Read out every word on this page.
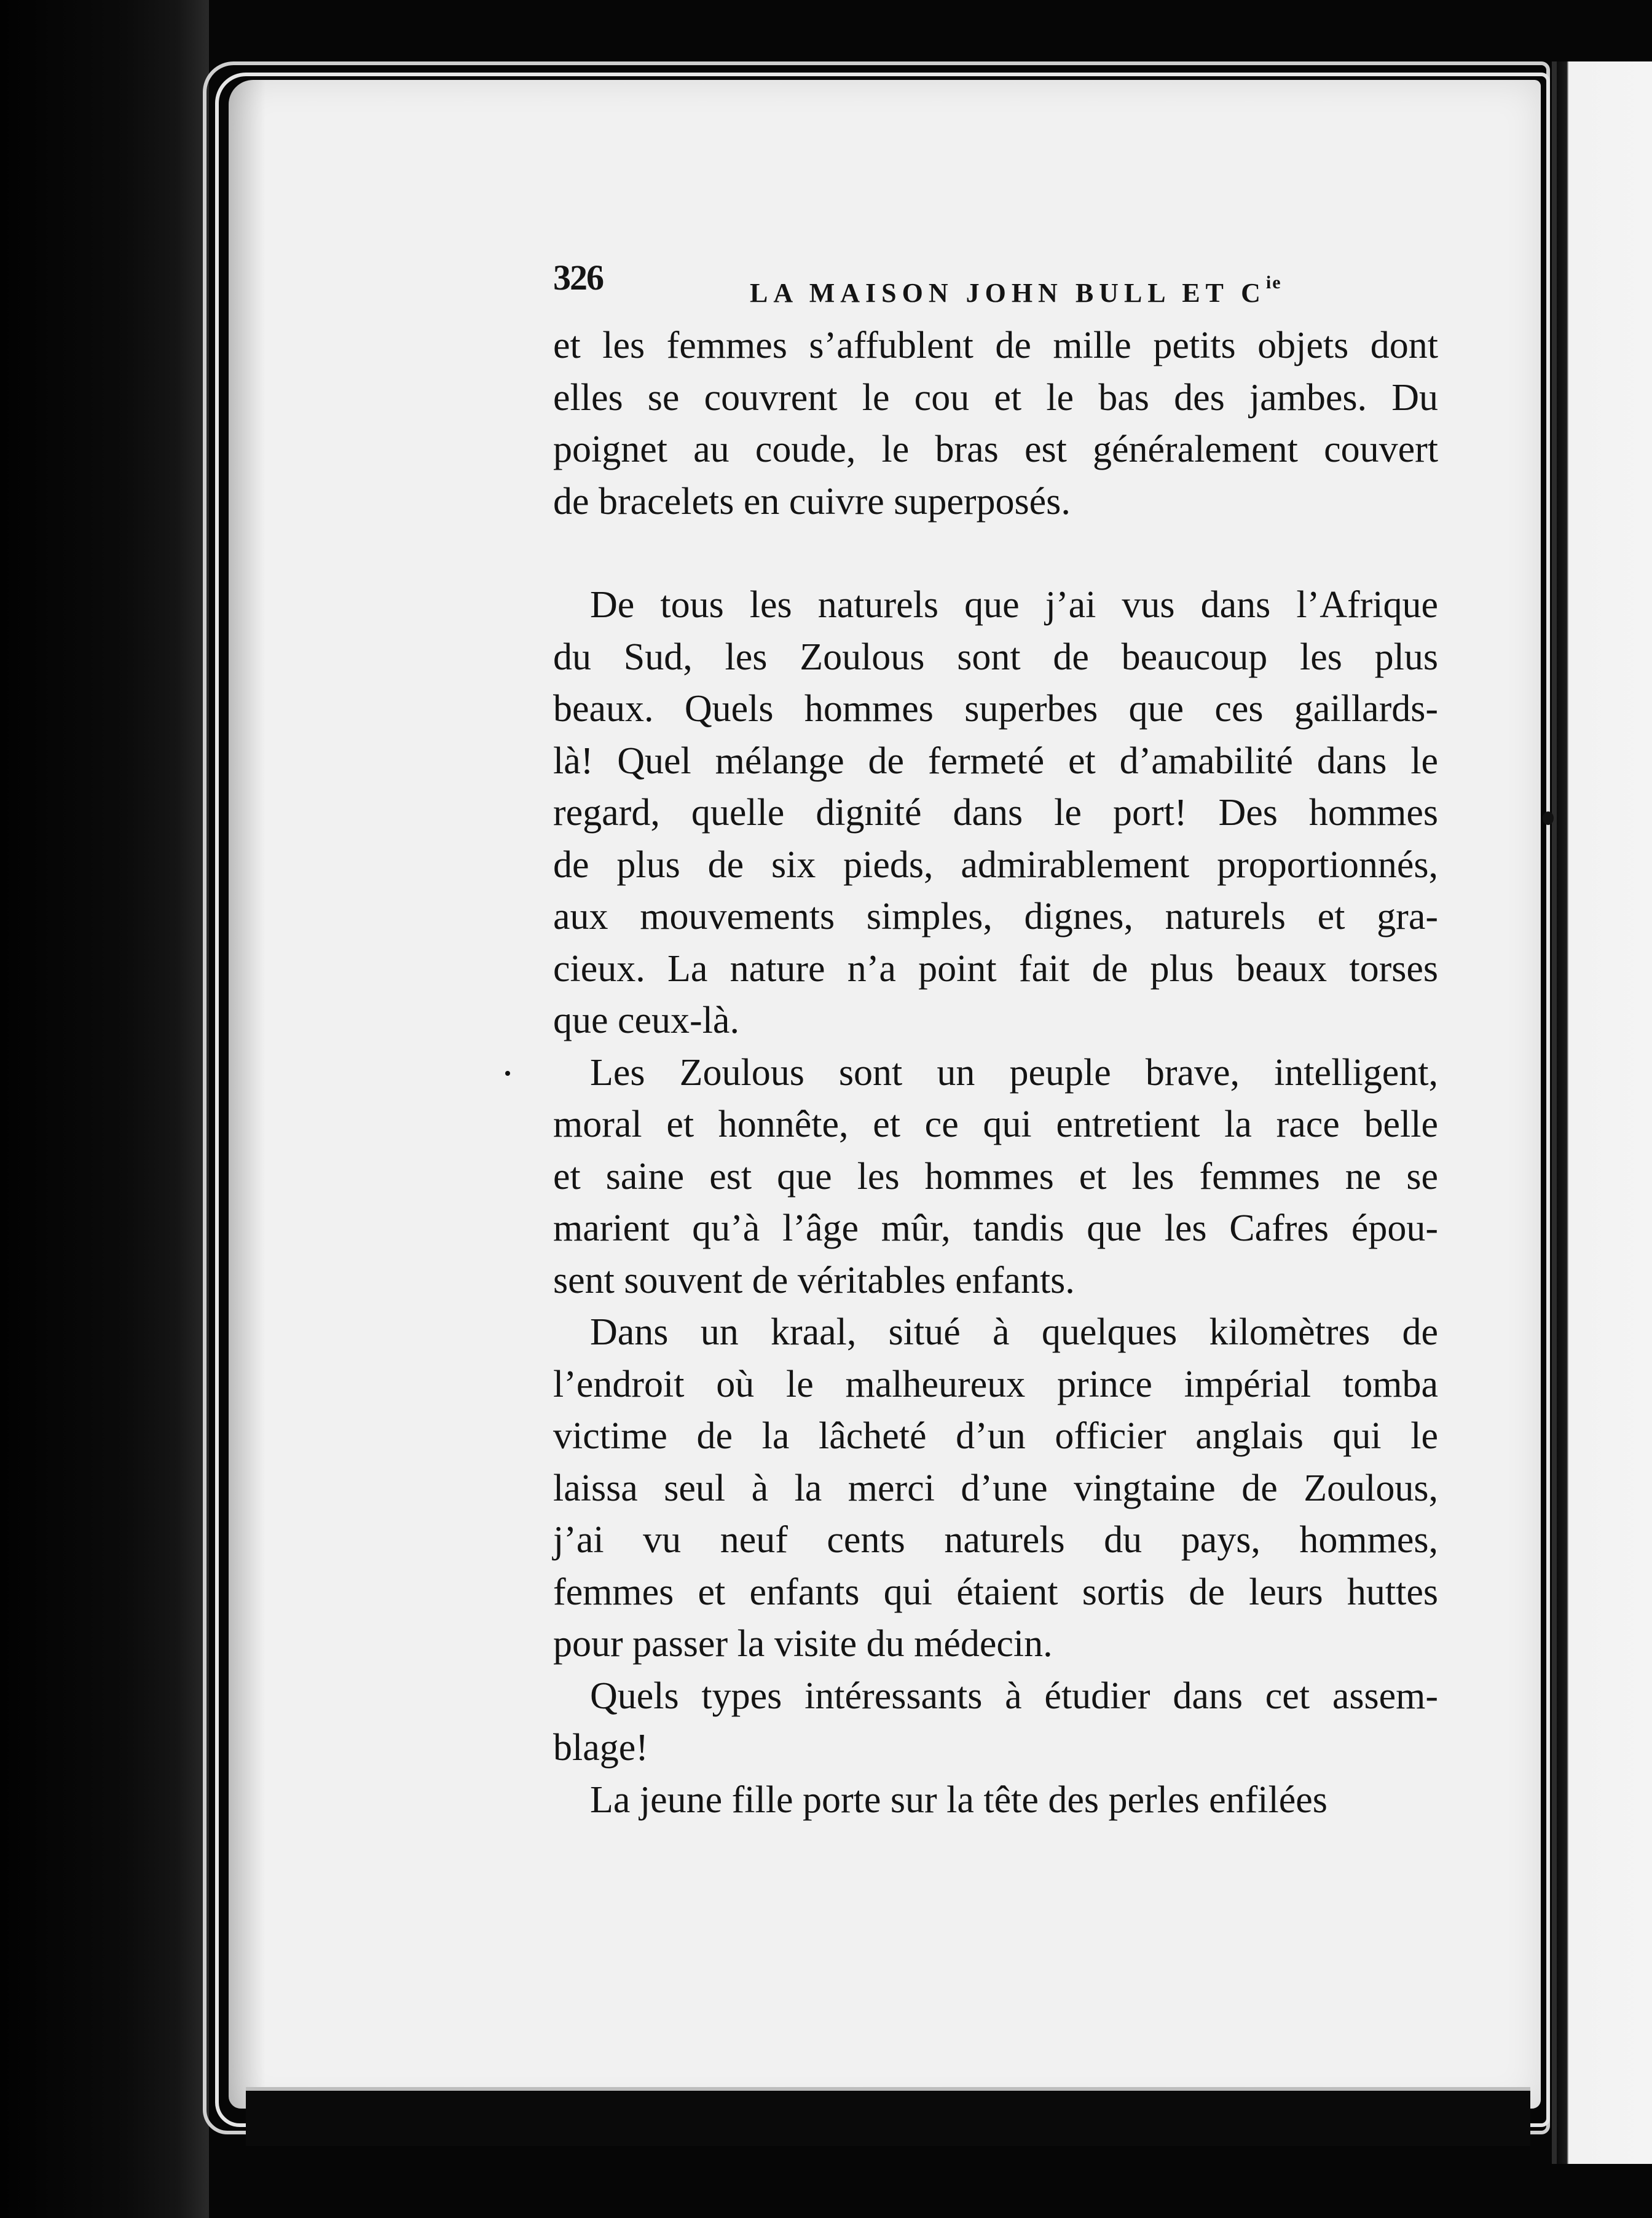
326	LA MAISON JOHN BULL ET $C^{ie}$

et les femmes s’affublent de mille petits objets dont

elles se couvrent le cou et le bas des jambes. Du

poignet au coude, le bras est généralement couvert

de bracelets en cuivre superposés.

De tous les naturels que j’ai vus dans l’Afrique

du Sud, les Zoulous sont de beaucoup les plus

beaux. Quels hommes superbes que ces gaillards-

là! Quel mélange de fermeté et d’amabilité dans le

regard, quelle dignité dans le port! Des hommes

de plus de six pieds, admirablement proportionnés,

aux mouvements simples, dignes, naturels et gra-

cieux. La nature n’a point fait de plus beaux torses

que ceux-là.

Les Zoulous sont un peuple brave, intelligent,

moral et honnête, et ce qui entretient la race belle

et saine est que les hommes et les femmes ne se

marient qu’à l’âge mûr, tandis que les Cafres épou-

sent souvent de véritables enfants.

Dans un kraal, situé à quelques kilomètres de

l’endroit où le malheureux prince impérial tomba

victime de la lâcheté d’un officier anglais qui le

laissa seul à la merci d’une vingtaine de Zoulous,

j’ai vu neuf cents naturels du pays, hommes,

femmes et enfants qui étaient sortis de leurs huttes

pour passer la visite du médecin.

Quels types intéressants à étudier dans cet assem-

blage!

La jeune fille porte sur la tête des perles enfilées
